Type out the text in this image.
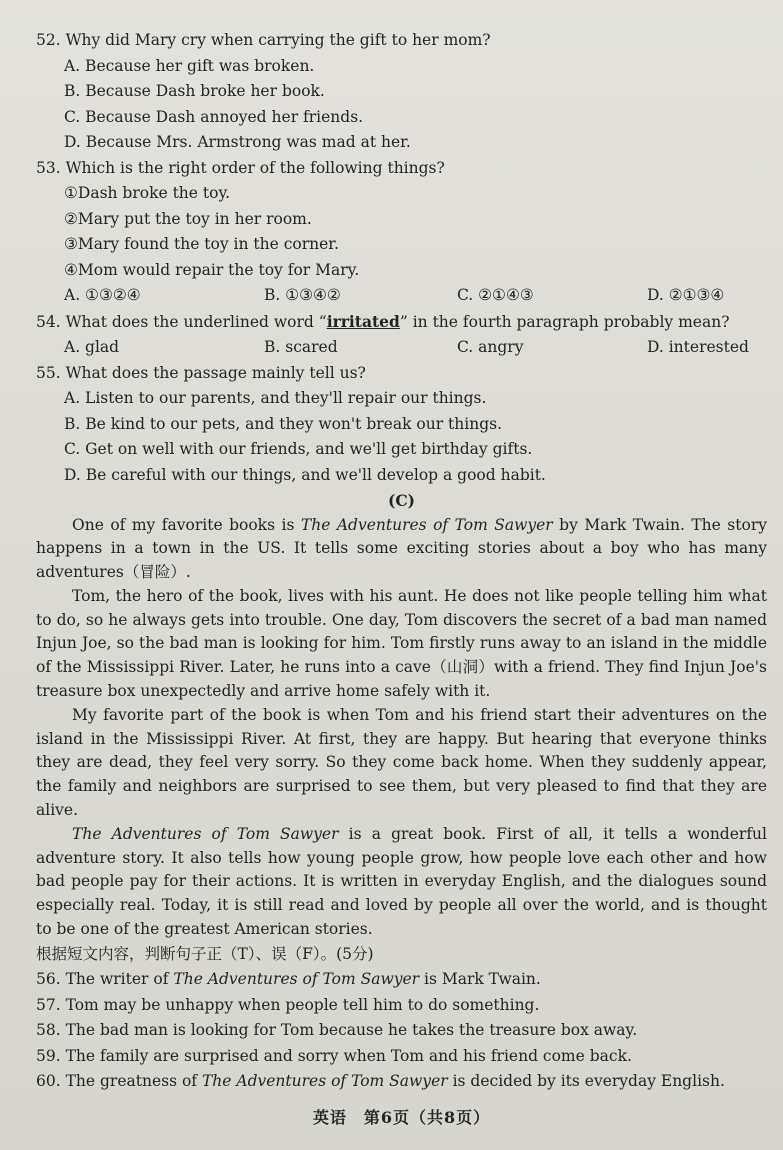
52. Why did Mary cry when carrying the gift to her mom?
A. Because her gift was broken.
B. Because Dash broke her book.
C. Because Dash annoyed her friends.
D. Because Mrs. Armstrong was mad at her.
53. Which is the right order of the following things?
①Dash broke the toy.
②Mary put the toy in her room.
③Mary found the toy in the corner.
④Mom would repair the toy for Mary.
A. ①③②④	B. ①③④②	C. ②①④③	D. ②①③④
54. What does the underlined word “irritated” in the fourth paragraph probably mean?
A. glad	B. scared	C. angry	D. interested
55. What does the passage mainly tell us?
A. Listen to our parents, and they'll repair our things.
B. Be kind to our pets, and they won't break our things.
C. Get on well with our friends, and we'll get birthday gifts.
D. Be careful with our things, and we'll develop a good habit.
(C)

One of my favorite books is The Adventures of Tom Sawyer by Mark Twain. The story happens in a town in the US. It tells some exciting stories about a boy who has many adventures（冒险）.

Tom, the hero of the book, lives with his aunt. He does not like people telling him what to do, so he always gets into trouble. One day, Tom discovers the secret of a bad man named Injun Joe, so the bad man is looking for him. Tom firstly runs away to an island in the middle of the Mississippi River. Later, he runs into a cave（山洞）with a friend. They find Injun Joe's treasure box unexpectedly and arrive home safely with it.

My favorite part of the book is when Tom and his friend start their adventures on the island in the Mississippi River. At first, they are happy. But hearing that everyone thinks they are dead, they feel very sorry. So they come back home. When they suddenly appear, the family and neighbors are surprised to see them, but very pleased to find that they are alive.

The Adventures of Tom Sawyer is a great book. First of all, it tells a wonderful adventure story. It also tells how young people grow, how people love each other and how bad people pay for their actions. It is written in everyday English, and the dialogues sound especially real. Today, it is still read and loved by people all over the world, and is thought to be one of the greatest American stories.

根据短文内容，判断句子正（T）、误（F）。(5分)
56. The writer of The Adventures of Tom Sawyer is Mark Twain.
57. Tom may be unhappy when people tell him to do something.
58. The bad man is looking for Tom because he takes the treasure box away.
59. The family are surprised and sorry when Tom and his friend come back.
60. The greatness of The Adventures of Tom Sawyer is decided by its everyday English.
英语　第6页（共8页）
